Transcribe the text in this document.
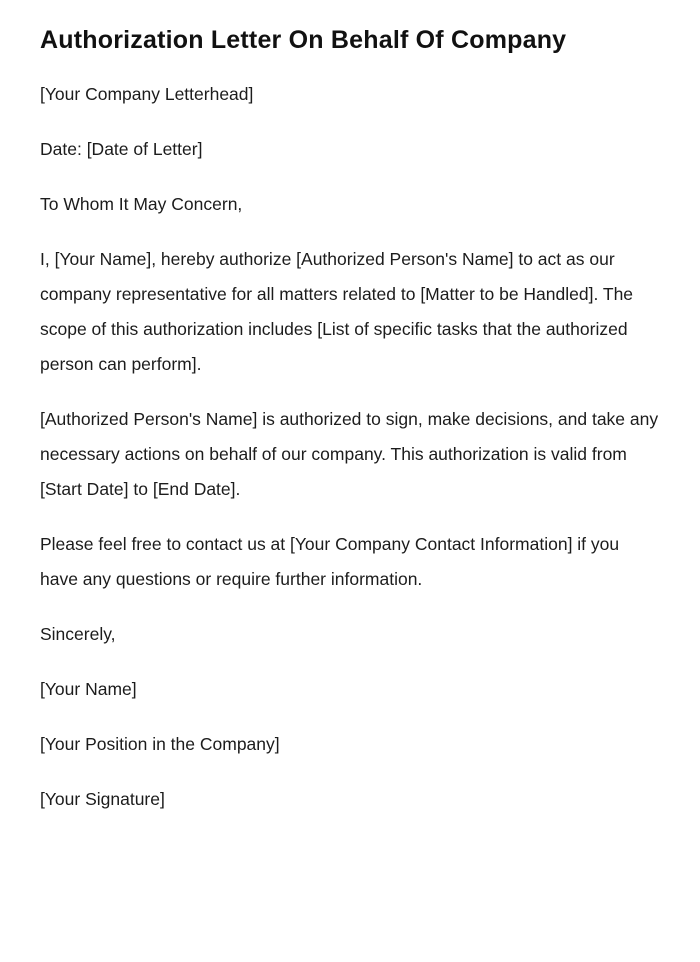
Authorization Letter On Behalf Of Company

[Your Company Letterhead]

Date: [Date of Letter]

To Whom It May Concern,

I, [Your Name], hereby authorize [Authorized Person's Name] to act as our company representative for all matters related to [Matter to be Handled]. The scope of this authorization includes [List of specific tasks that the authorized person can perform].

[Authorized Person's Name] is authorized to sign, make decisions, and take any necessary actions on behalf of our company. This authorization is valid from [Start Date] to [End Date].

Please feel free to contact us at [Your Company Contact Information] if you have any questions or require further information.

Sincerely,

[Your Name]

[Your Position in the Company]

[Your Signature]
